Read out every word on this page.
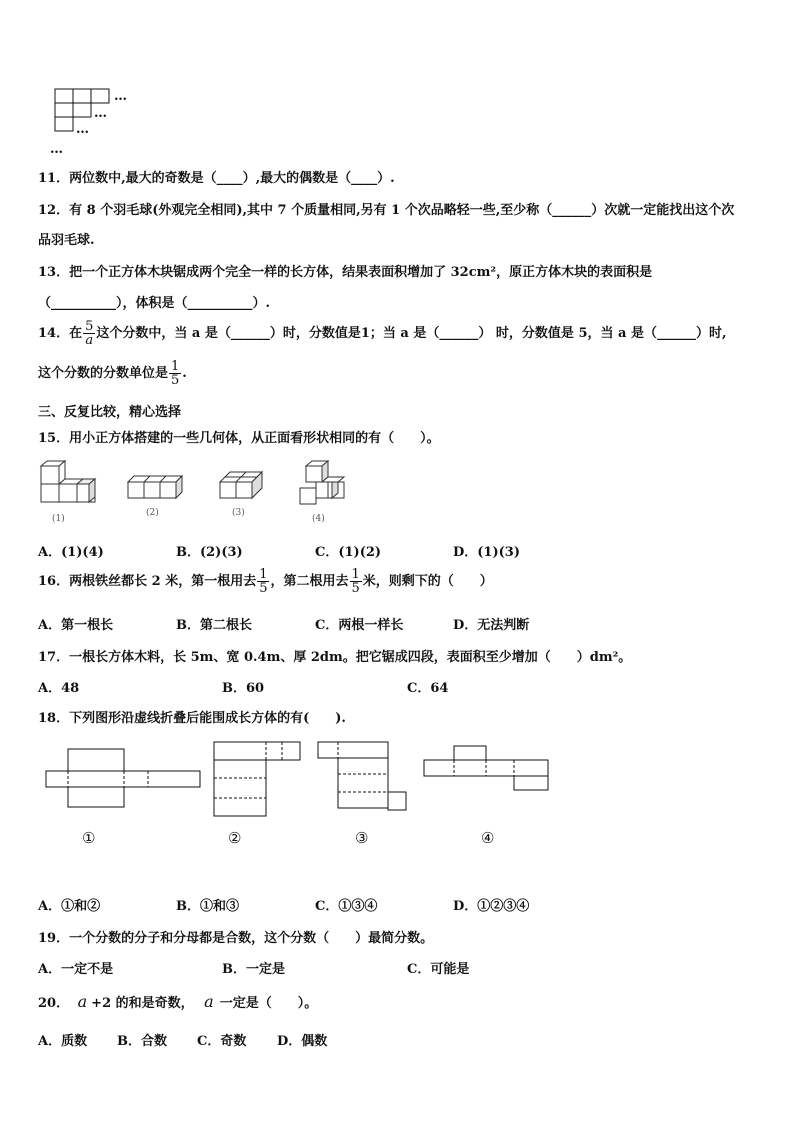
…
…
…
…
11．两位数中,最大的奇数是（____）,最大的偶数是（____）.
12．有 8 个羽毛球(外观完全相同),其中 7 个质量相同,另有 1 个次品略轻一些,至少称（______）次就一定能找出这个次
品羽毛球.
13．把一个正方体木块锯成两个完全一样的长方体，结果表面积增加了 32cm²，原正方体木块的表面积是
（__________），体积是（__________）.
14．在 $\frac{5}{a}$ 这个分数中，当 a 是（______）时，分数值是1；当 a 是（______） 时，分数值是 5，当 a 是（______）时,
这个分数的分数单位是 $\frac{1}{5}$ .
三、反复比较，精心选择
15．用小正方体搭建的一些几何体，从正面看形状相同的有（　　）。
(1)
(2)	(3)
(4)
A．(1)(4)	B．(2)(3)	C．(1)(2)	D．(1)(3)
16．两根铁丝都长 2 米，第一根用去 $\frac{1}{5}$ ，第二根用去 $\frac{1}{5}$ 米，则剩下的（　　）
A．第一根长	B．第二根长	C．两根一样长	D．无法判断
17．一根长方体木料，长 5m、宽 0.4m、厚 2dm。把它锯成四段，表面积至少增加（　　）dm²。
A．48	B．60	C．64
18．下列图形沿虚线折叠后能围成长方体的有(　　).
①	②	③	④
A．①和②	B．①和③	C．①③④	D．①②③④
19．一个分数的分子和分母都是合数，这个分数（　　）最简分数。
A．一定不是	B．一定是	C．可能是
20． a +2 的和是奇数， a 一定是（　　）。
A．质数 B．合数 C．奇数 D．偶数
